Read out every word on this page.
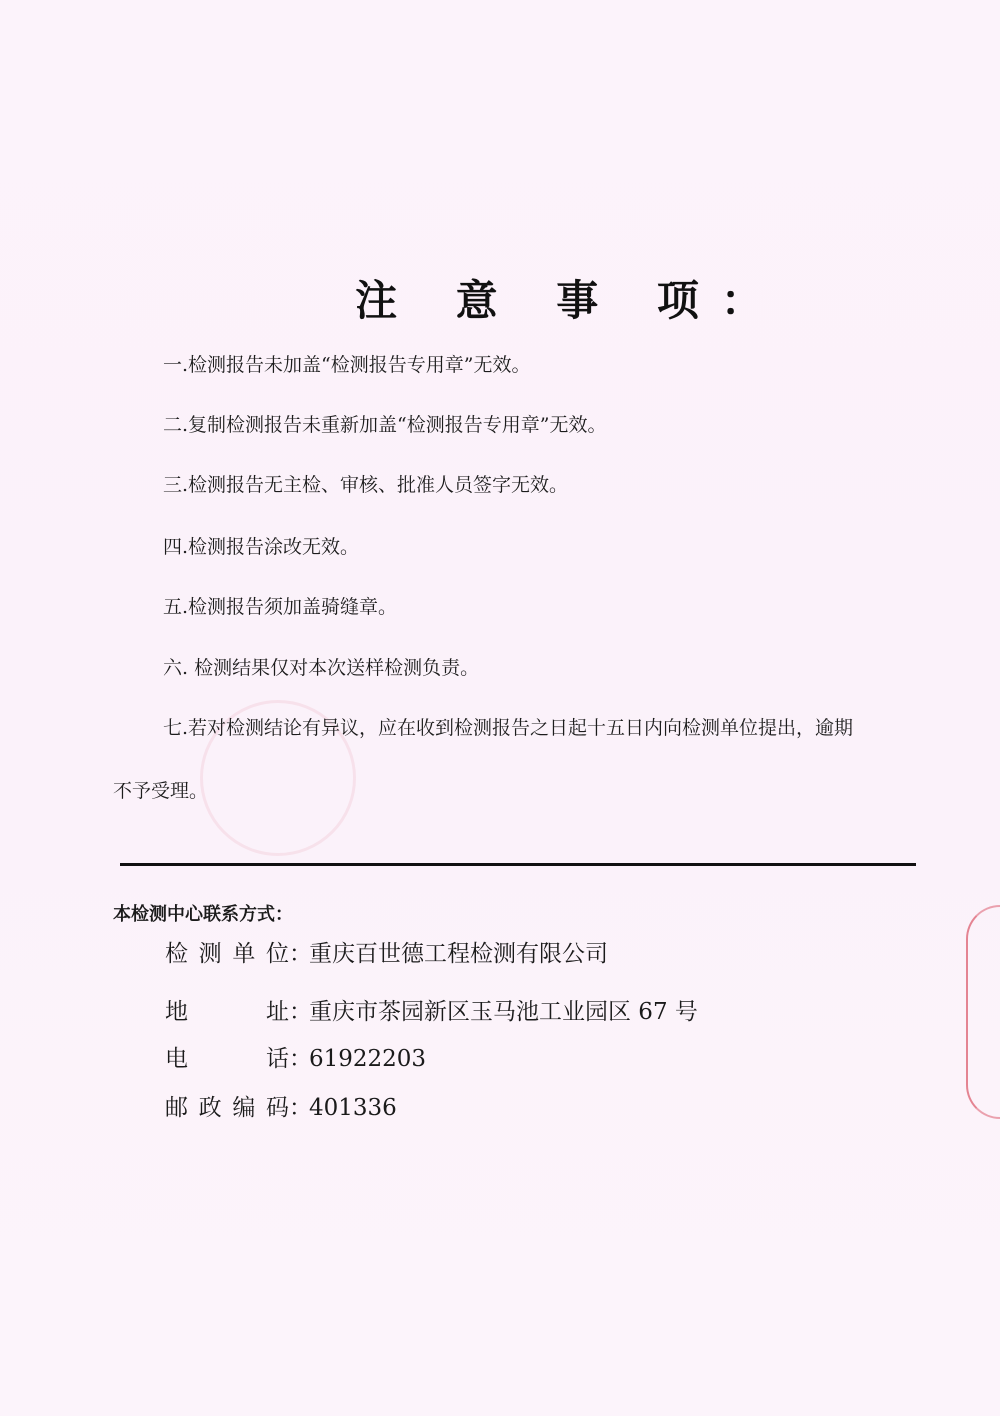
注 意 事 项：
一.检测报告未加盖“检测报告专用章”无效。
二.复制检测报告未重新加盖“检测报告专用章”无效。
三.检测报告无主检、审核、批准人员签字无效。
四.检测报告涂改无效。
五.检测报告须加盖骑缝章。
六. 检测结果仅对本次送样检测负责。
七.若对检测结论有异议，应在收到检测报告之日起十五日内向检测单位提出，逾期
不予受理。
本检测中心联系方式：
检测单位：重庆百世德工程检测有限公司
地址：重庆市茶园新区玉马池工业园区 67 号
电话：61922203
邮政编码：401336
